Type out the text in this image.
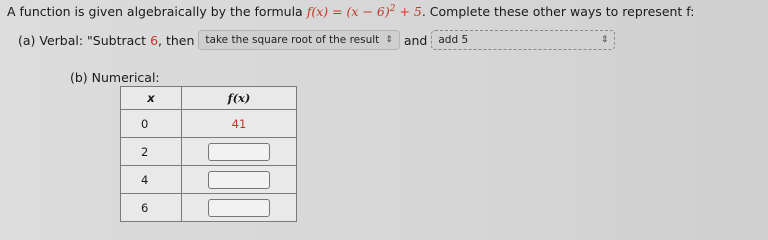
A function is given algebraically by the formula $f(x) = (x - 6)^2 + 5$. Complete these other ways to represent f:
(a) Verbal: "Subtract 6 , then take the square root of the result ⇕ and add 5	⇕
(b) Numerical:
x	f(x)
0	41
2	
4	
6	
